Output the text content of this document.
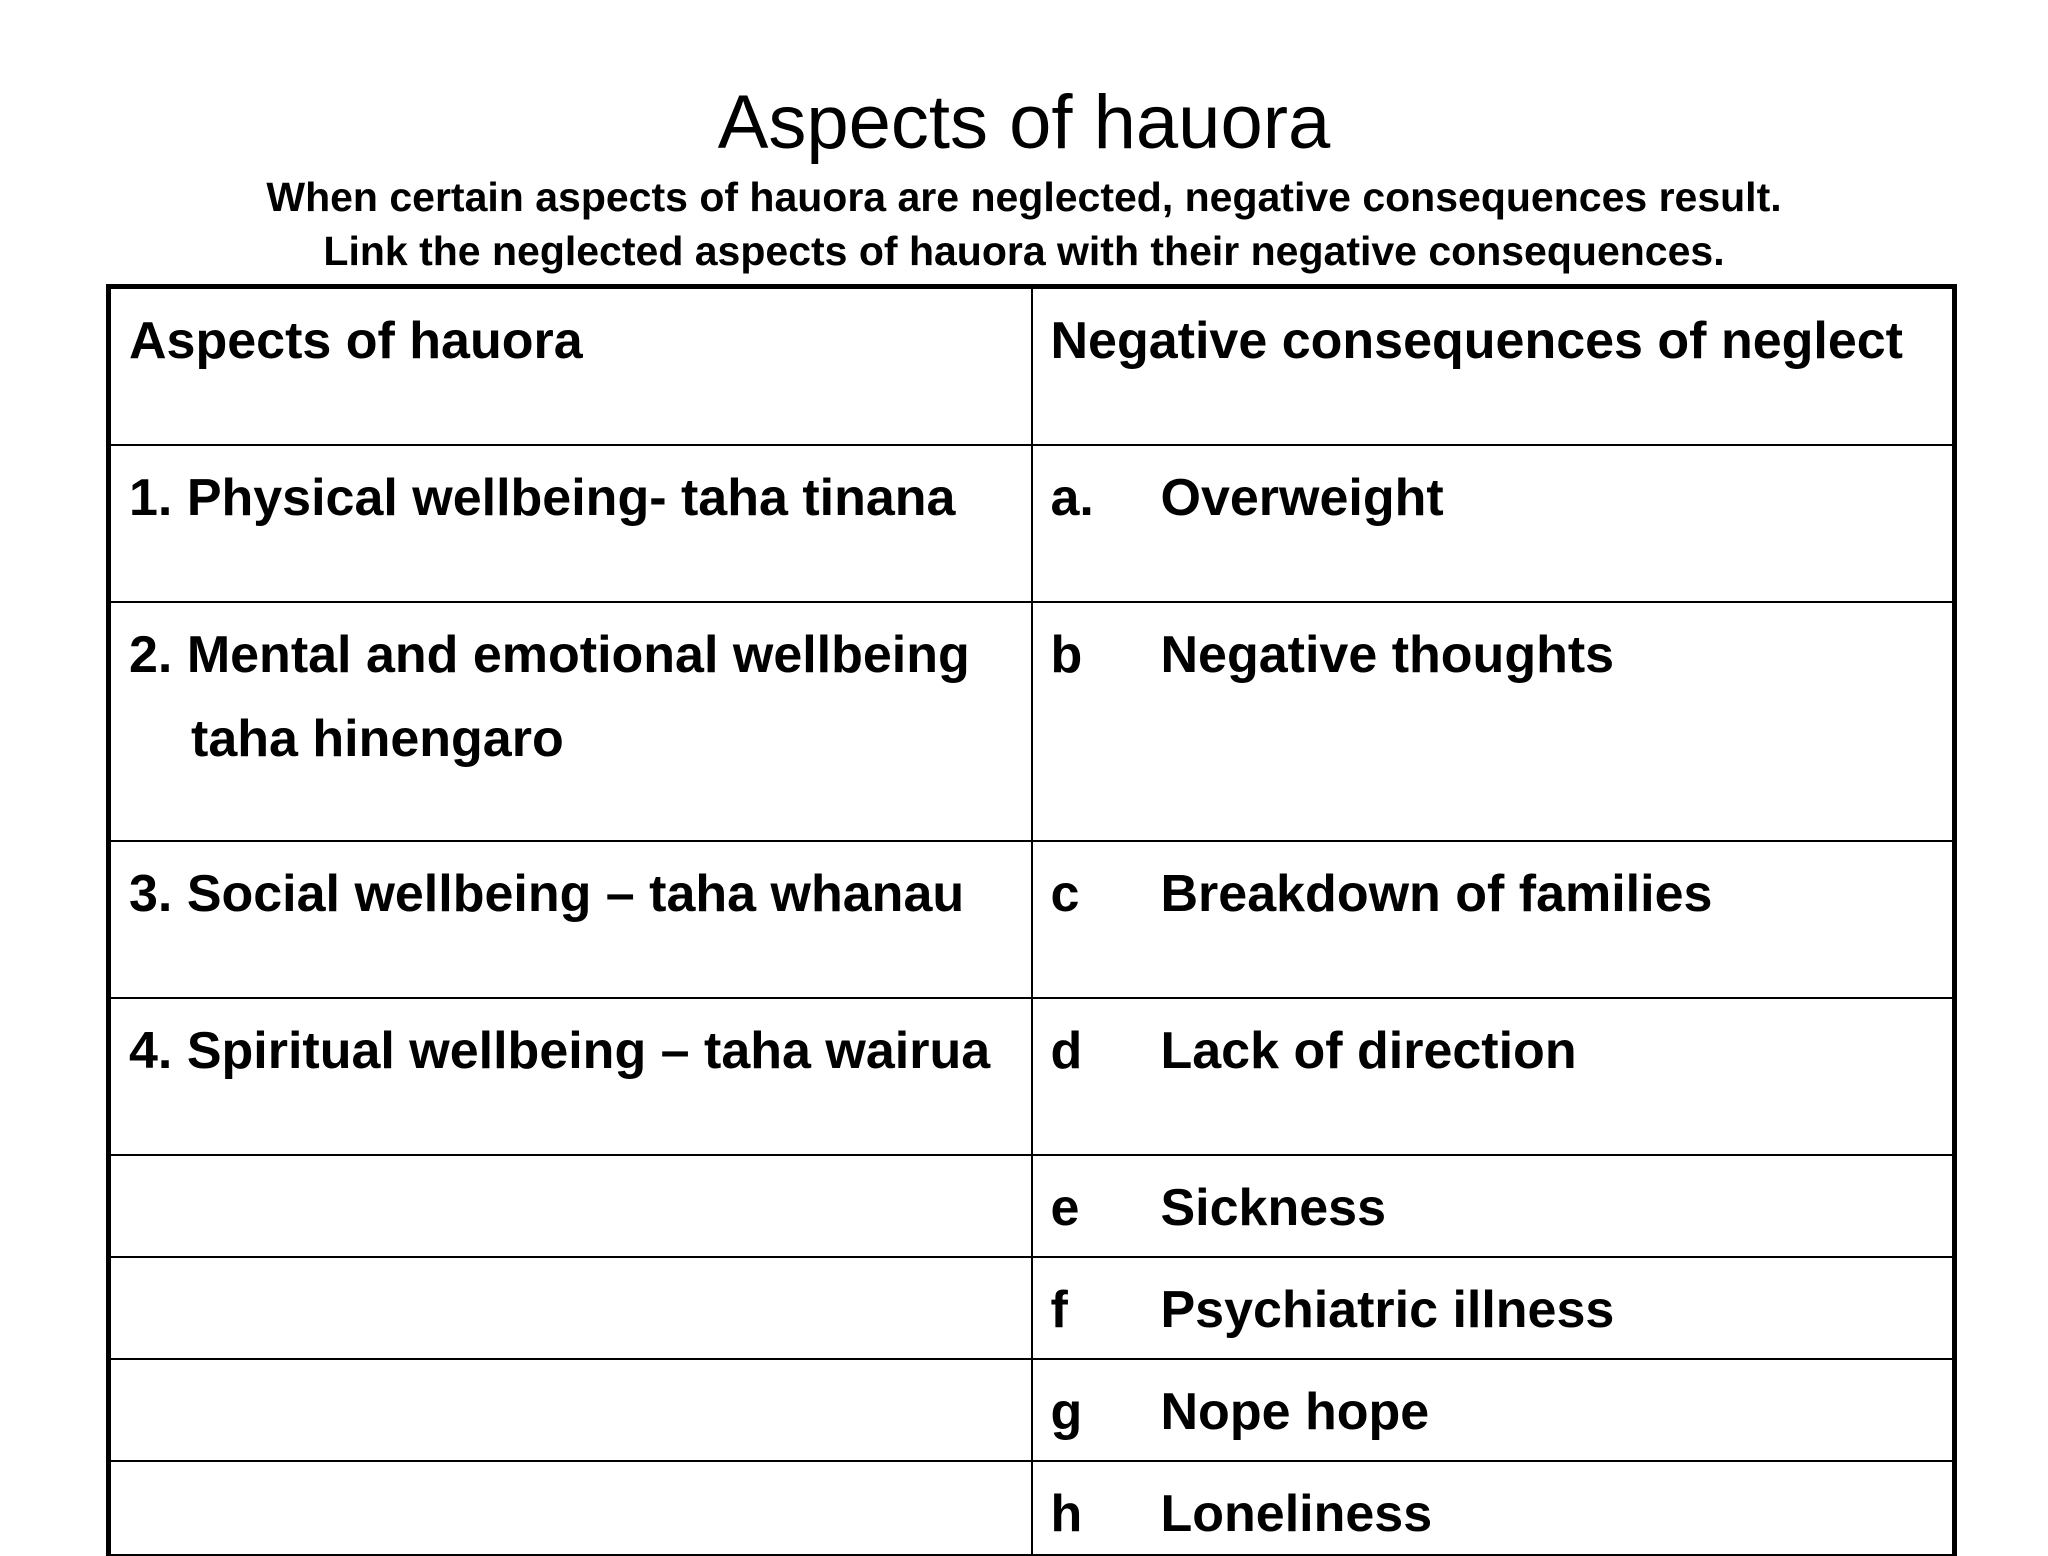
Aspects of hauora
When certain aspects of hauora are neglected, negative consequences result.
Link the neglected aspects of hauora with their negative consequences.
Aspects of hauora	Negative consequences of neglect
1. Physical wellbeing- taha tinana	a. Overweight
2. Mental and emotional wellbeing
taha hinengaro	b Negative thoughts
3. Social wellbeing – taha whanau	c Breakdown of families
4. Spiritual wellbeing – taha wairua	d Lack of direction
	e Sickness
	f Psychiatric illness
	g Nope hope
	h Loneliness
